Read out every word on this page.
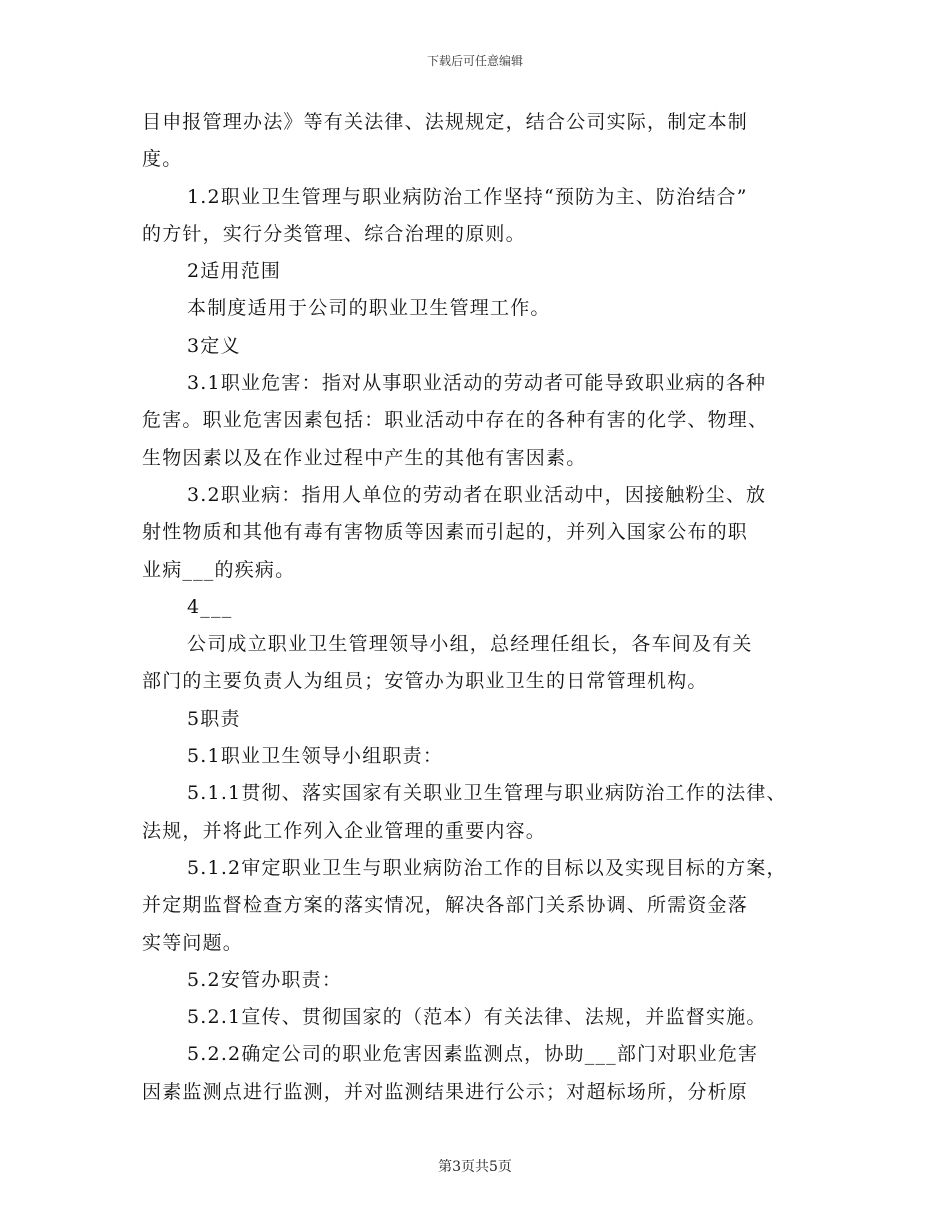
下载后可任意编辑
目申报管理办法》等有关法律、法规规定，结合公司实际，制定本制
度。
1.2职业卫生管理与职业病防治工作坚持“预防为主、防治结合”
的方针，实行分类管理、综合治理的原则。
2适用范围
本制度适用于公司的职业卫生管理工作。
3定义
3.1职业危害：指对从事职业活动的劳动者可能导致职业病的各种
危害。职业危害因素包括：职业活动中存在的各种有害的化学、物理、
生物因素以及在作业过程中产生的其他有害因素。
3.2职业病：指用人单位的劳动者在职业活动中，因接触粉尘、放
射性物质和其他有毒有害物质等因素而引起的，并列入国家公布的职
业病___的疾病。
4___
公司成立职业卫生管理领导小组，总经理任组长，各车间及有关
部门的主要负责人为组员；安管办为职业卫生的日常管理机构。
5职责
5.1职业卫生领导小组职责：
5.1.1贯彻、落实国家有关职业卫生管理与职业病防治工作的法律、
法规，并将此工作列入企业管理的重要内容。
5.1.2审定职业卫生与职业病防治工作的目标以及实现目标的方案，
并定期监督检查方案的落实情况，解决各部门关系协调、所需资金落
实等问题。
5.2安管办职责：
5.2.1宣传、贯彻国家的（范本）有关法律、法规，并监督实施。
5.2.2确定公司的职业危害因素监测点，协助___部门对职业危害
因素监测点进行监测，并对监测结果进行公示；对超标场所，分析原
第3页共5页
